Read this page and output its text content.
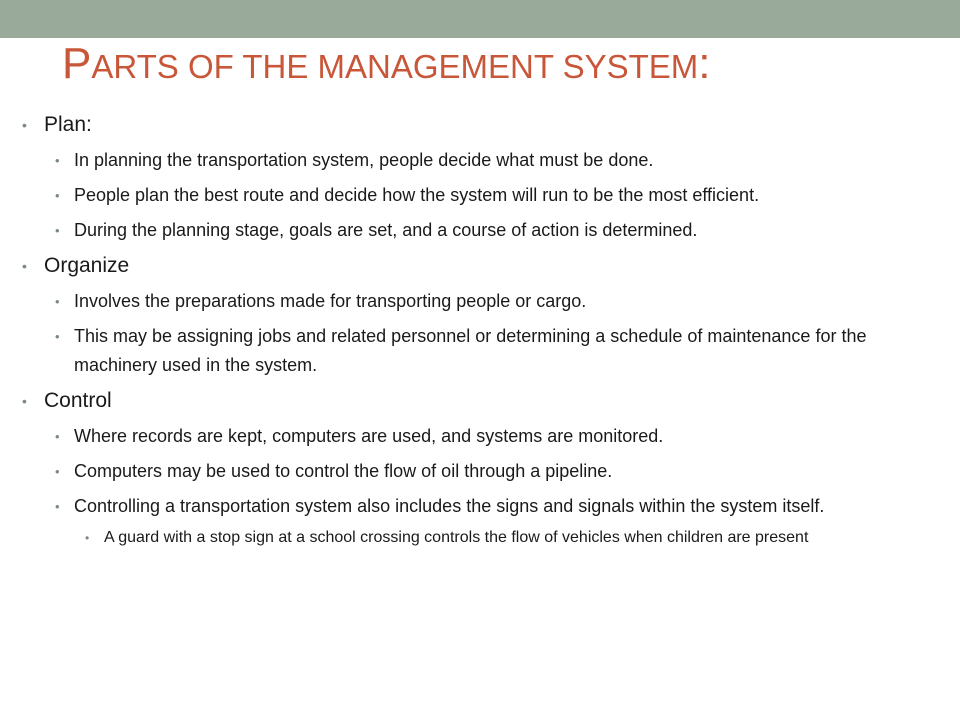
PARTS OF THE MANAGEMENT SYSTEM:
• Plan:
• In planning the transportation system, people decide what must be done.
• People plan the best route and decide how the system will run to be the most efficient.
• During the planning stage, goals are set, and a course of action is determined.
• Organize
• Involves the preparations made for transporting people or cargo.
• This may be assigning jobs and related personnel or determining a schedule of maintenance for the machinery used in the system.
• Control
• Where records are kept, computers are used, and systems are monitored.
• Computers may be used to control the flow of oil through a pipeline.
• Controlling a transportation system also includes the signs and signals within the system itself.
• A guard with a stop sign at a school crossing controls the flow of vehicles when children are present
